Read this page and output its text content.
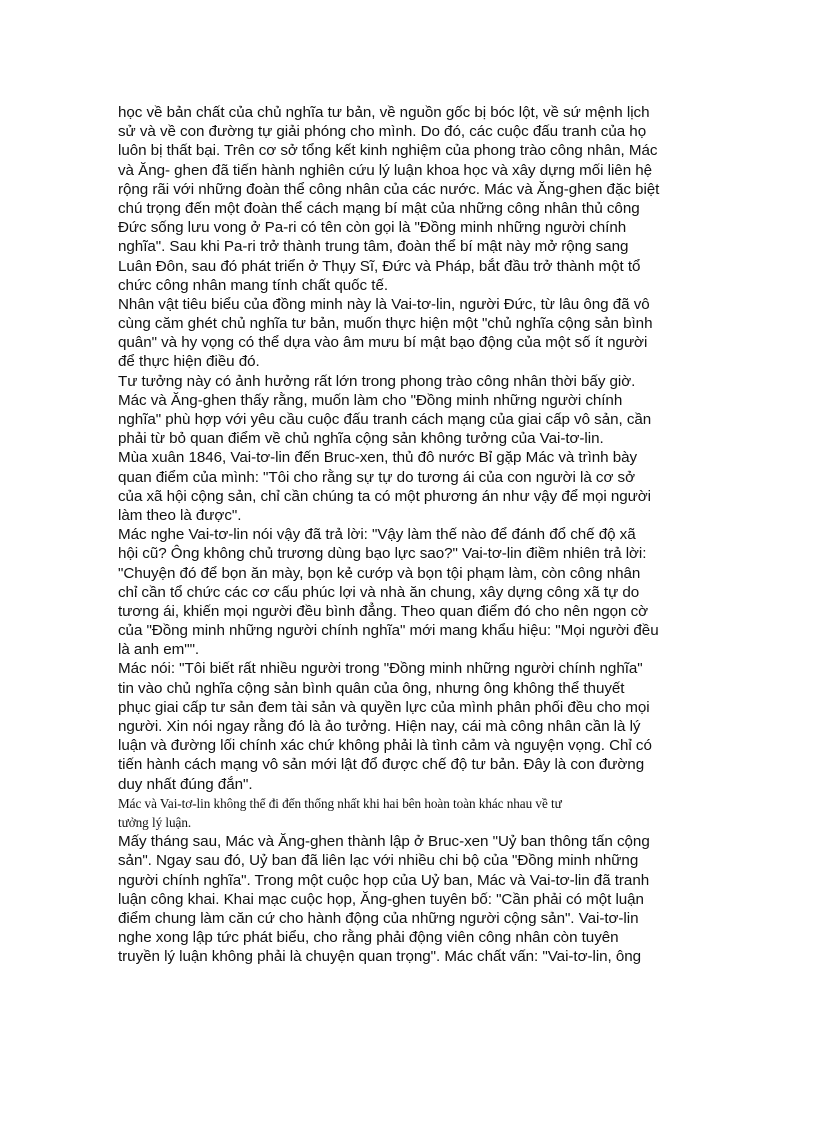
học về bản chất của chủ nghĩa tư bản, về nguồn gốc bị bóc lột, về sứ mệnh lịch
sử và về con đường tự giải phóng cho mình. Do đó, các cuộc đấu tranh của họ
luôn bị thất bại. Trên cơ sở tổng kết kinh nghiệm của phong trào công nhân, Mác
và Ăng- ghen đã tiến hành nghiên cứu lý luận khoa học và xây dựng mối liên hệ
rộng rãi với những đoàn thể công nhân của các nước. Mác và Ăng-ghen đặc biệt
chú trọng đến một đoàn thể cách mạng bí mật của những công nhân thủ công
Đức sống lưu vong ở Pa-ri có tên còn gọi là "Đồng minh những người chính
nghĩa". Sau khi Pa-ri trở thành trung tâm, đoàn thể bí mật này mở rộng sang
Luân Đôn, sau đó phát triển ở Thụy Sĩ, Đức và Pháp, bắt đầu trở thành một tổ
chức công nhân mang tính chất quốc tế.
Nhân vật tiêu biểu của đồng minh này là Vai-tơ-lin, người Đức, từ lâu ông đã vô
cùng căm ghét chủ nghĩa tư bản, muốn thực hiện một "chủ nghĩa cộng sản bình
quân" và hy vọng có thể dựa vào âm mưu bí mật bạo động của một số ít người
để thực hiện điều đó.
Tư tưởng này có ảnh hưởng rất lớn trong phong trào công nhân thời bấy giờ.
Mác và Ăng-ghen thấy rằng, muốn làm cho "Đồng minh những người chính
nghĩa" phù hợp với yêu cầu cuộc đấu tranh cách mạng của giai cấp vô sản, cần
phải từ bỏ quan điểm về chủ nghĩa cộng sản không tưởng của Vai-tơ-lin.
Mùa xuân 1846, Vai-tơ-lin đến Bruc-xen, thủ đô nước Bỉ gặp Mác và trình bày
quan điểm của mình: "Tôi cho rằng sự tự do tương ái của con người là cơ sở
của xã hội cộng sản, chỉ cần chúng ta có một phương án như vậy để mọi người
làm theo là được".
Mác nghe Vai-tơ-lin nói vậy đã trả lời: "Vậy làm thế nào để đánh đổ chế độ xã
hội cũ? Ông không chủ trương dùng bạo lực sao?" Vai-tơ-lin điềm nhiên trả lời:
"Chuyện đó để bọn ăn mày, bọn kẻ cướp và bọn tội phạm làm, còn công nhân
chỉ cần tổ chức các cơ cấu phúc lợi và nhà ăn chung, xây dựng công xã tự do
tương ái, khiến mọi người đều bình đẳng. Theo quan điểm đó cho nên ngọn cờ
của "Đồng minh những người chính nghĩa" mới mang khẩu hiệu: "Mọi người đều
là anh em"".
Mác nói: "Tôi biết rất nhiều người trong "Đồng minh những người chính nghĩa"
tin vào chủ nghĩa cộng sản bình quân của ông, nhưng ông không thể thuyết
phục giai cấp tư sản đem tài sản và quyền lực của mình phân phối đều cho mọi
người. Xin nói ngay rằng đó là ảo tưởng. Hiện nay, cái mà công nhân cần là lý
luận và đường lối chính xác chứ không phải là tình cảm và nguyện vọng. Chỉ có
tiến hành cách mạng vô sản mới lật đổ được chế độ tư bản. Đây là con đường
duy nhất đúng đắn".
Mác và Vai-tơ-lin không thể đi đến thống nhất khi hai bên hoàn toàn khác nhau về tư
tưởng lý luận.
Mấy tháng sau, Mác và Ăng-ghen thành lập ở Bruc-xen "Uỷ ban thông tấn cộng
sản". Ngay sau đó, Uỷ ban đã liên lạc với nhiều chi bộ của "Đồng minh những
người chính nghĩa". Trong một cuộc họp của Uỷ ban, Mác và Vai-tơ-lin đã tranh
luận công khai. Khai mạc cuộc họp, Ăng-ghen tuyên bố: "Cần phải có một luận
điểm chung làm căn cứ cho hành động của những người cộng sản". Vai-tơ-lin
nghe xong lập tức phát biểu, cho rằng phải động viên công nhân còn tuyên
truyền lý luận không phải là chuyện quan trọng". Mác chất vấn: "Vai-tơ-lin, ông
